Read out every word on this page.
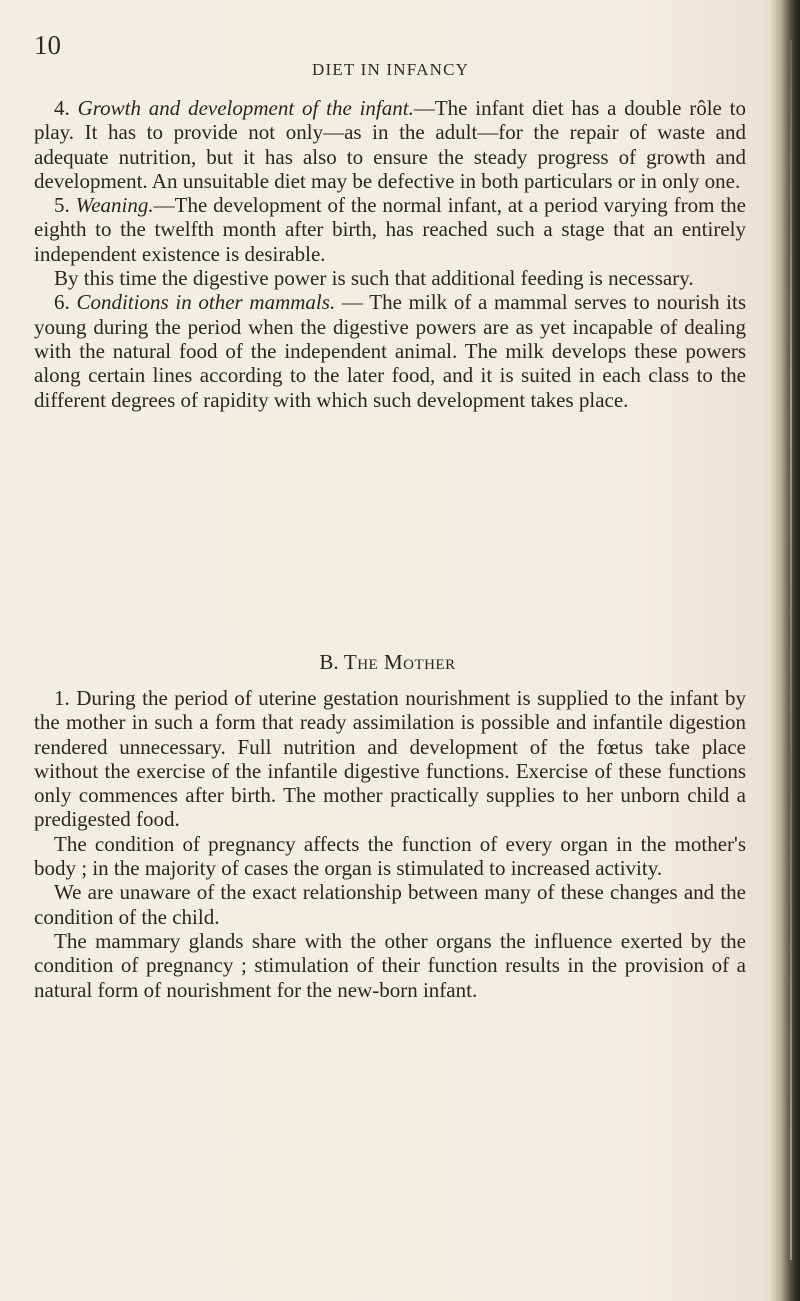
10
DIET IN INFANCY

4. Growth and development of the infant.—The infant diet has a double rôle to play. It has to provide not only—as in the adult—for the repair of waste and adequate nutrition, but it has also to ensure the steady progress of growth and development. An unsuitable diet may be defective in both particulars or in only one.

5. Weaning.—The development of the normal infant, at a period varying from the eighth to the twelfth month after birth, has reached such a stage that an entirely independent existence is desirable.

By this time the digestive power is such that additional feeding is necessary.

6. Conditions in other mammals. — The milk of a mammal serves to nourish its young during the period when the digestive powers are as yet incapable of dealing with the natural food of the independent animal. The milk develops these powers along certain lines according to the later food, and it is suited in each class to the different degrees of rapidity with which such development takes place.

B. The Mother

1. During the period of uterine gestation nourishment is supplied to the infant by the mother in such a form that ready assimilation is possible and infantile digestion rendered unnecessary. Full nutrition and development of the fœtus take place without the exercise of the infantile digestive functions. Exercise of these functions only commences after birth. The mother practically supplies to her unborn child a predigested food.

The condition of pregnancy affects the function of every organ in the mother's body ; in the majority of cases the organ is stimulated to increased activity.

We are unaware of the exact relationship between many of these changes and the condition of the child.

The mammary glands share with the other organs the influence exerted by the condition of pregnancy ; stimulation of their function results in the provision of a natural form of nourishment for the new-born infant.
